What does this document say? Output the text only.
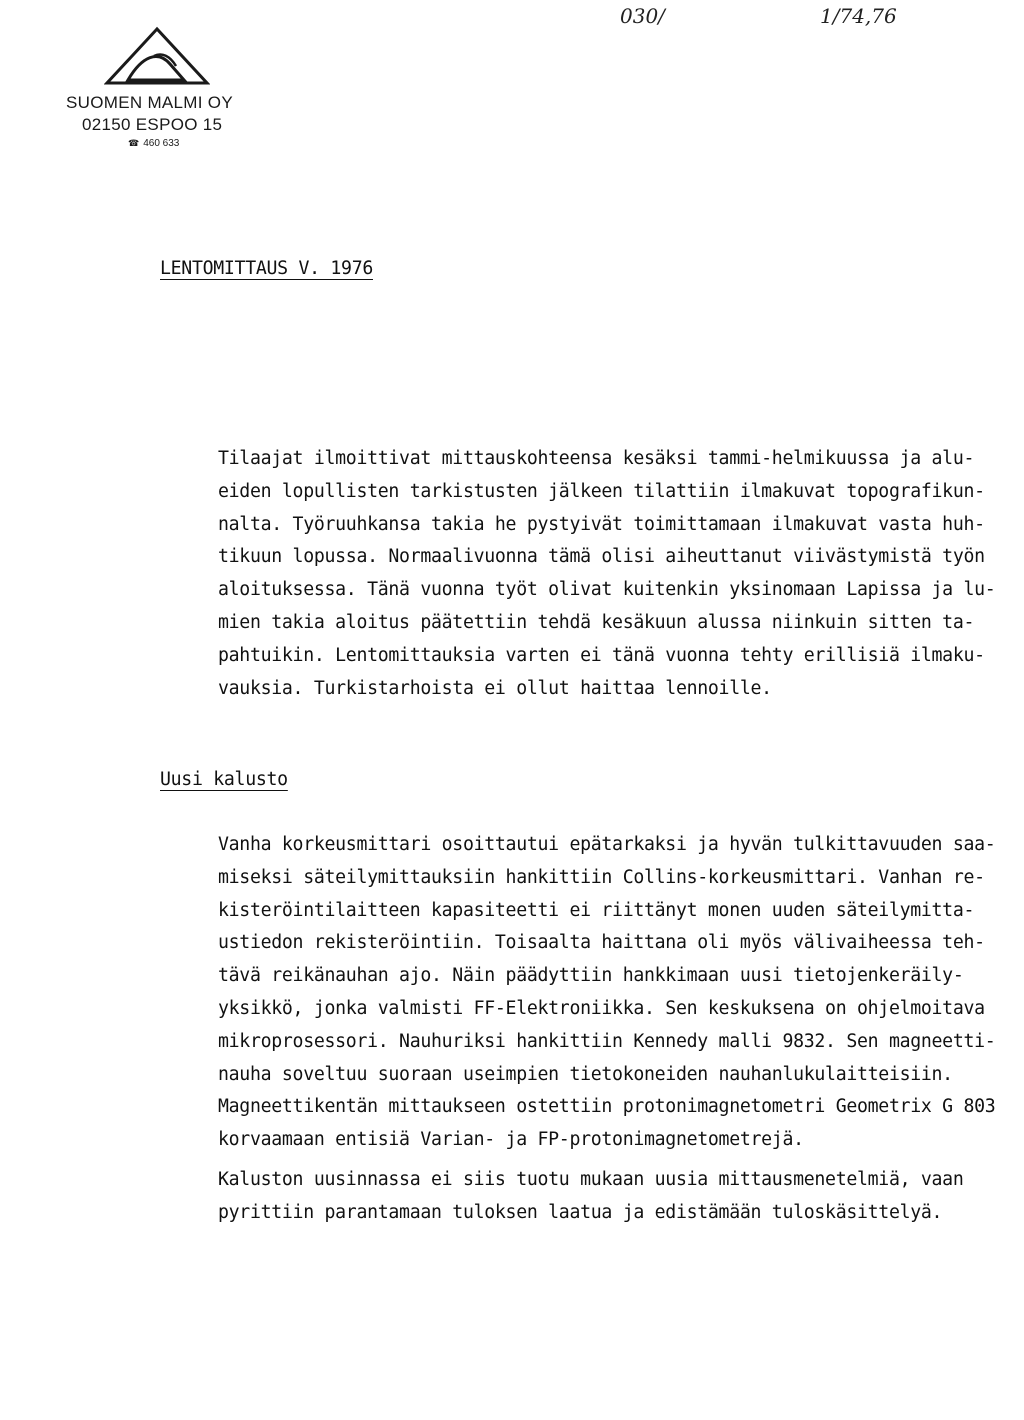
030/	1/74,76
SUOMEN MALMI OY
02150 ESPOO 15
☎ 460 633
LENTOMITTAUS V. 1976
Tilaajat ilmoittivat mittauskohteensa kesäksi tammi-helmikuussa ja alu-
eiden lopullisten tarkistusten jälkeen tilattiin ilmakuvat topografikun-
nalta. Työruuhkansa takia he pystyivät toimittamaan ilmakuvat vasta huh-
tikuun lopussa. Normaalivuonna tämä olisi aiheuttanut viivästymistä työn
aloituksessa. Tänä vuonna työt olivat kuitenkin yksinomaan Lapissa ja lu-
mien takia aloitus päätettiin tehdä kesäkuun alussa niinkuin sitten ta-
pahtuikin. Lentomittauksia varten ei tänä vuonna tehty erillisiä ilmaku-
vauksia. Turkistarhoista ei ollut haittaa lennoille.
Uusi kalusto
Vanha korkeusmittari osoittautui epätarkaksi ja hyvän tulkittavuuden saa-
miseksi säteilymittauksiin hankittiin Collins-korkeusmittari. Vanhan re-
kisteröintilaitteen kapasiteetti ei riittänyt monen uuden säteilymitta-
ustiedon rekisteröintiin. Toisaalta haittana oli myös välivaiheessa teh-
tävä reikänauhan ajo. Näin päädyttiin hankkimaan uusi tietojenkeräily-
yksikkö, jonka valmisti FF-Elektroniikka. Sen keskuksena on ohjelmoitava
mikroprosessori. Nauhuriksi hankittiin Kennedy malli 9832. Sen magneetti-
nauha soveltuu suoraan useimpien tietokoneiden nauhanlukulaitteisiin.
Magneettikentän mittaukseen ostettiin protonimagnetometri Geometrix G 803
korvaamaan entisiä Varian- ja FP-protonimagnetometrejä.
Kaluston uusinnassa ei siis tuotu mukaan uusia mittausmenetelmiä, vaan
pyrittiin parantamaan tuloksen laatua ja edistämään tuloskäsittelyä.
